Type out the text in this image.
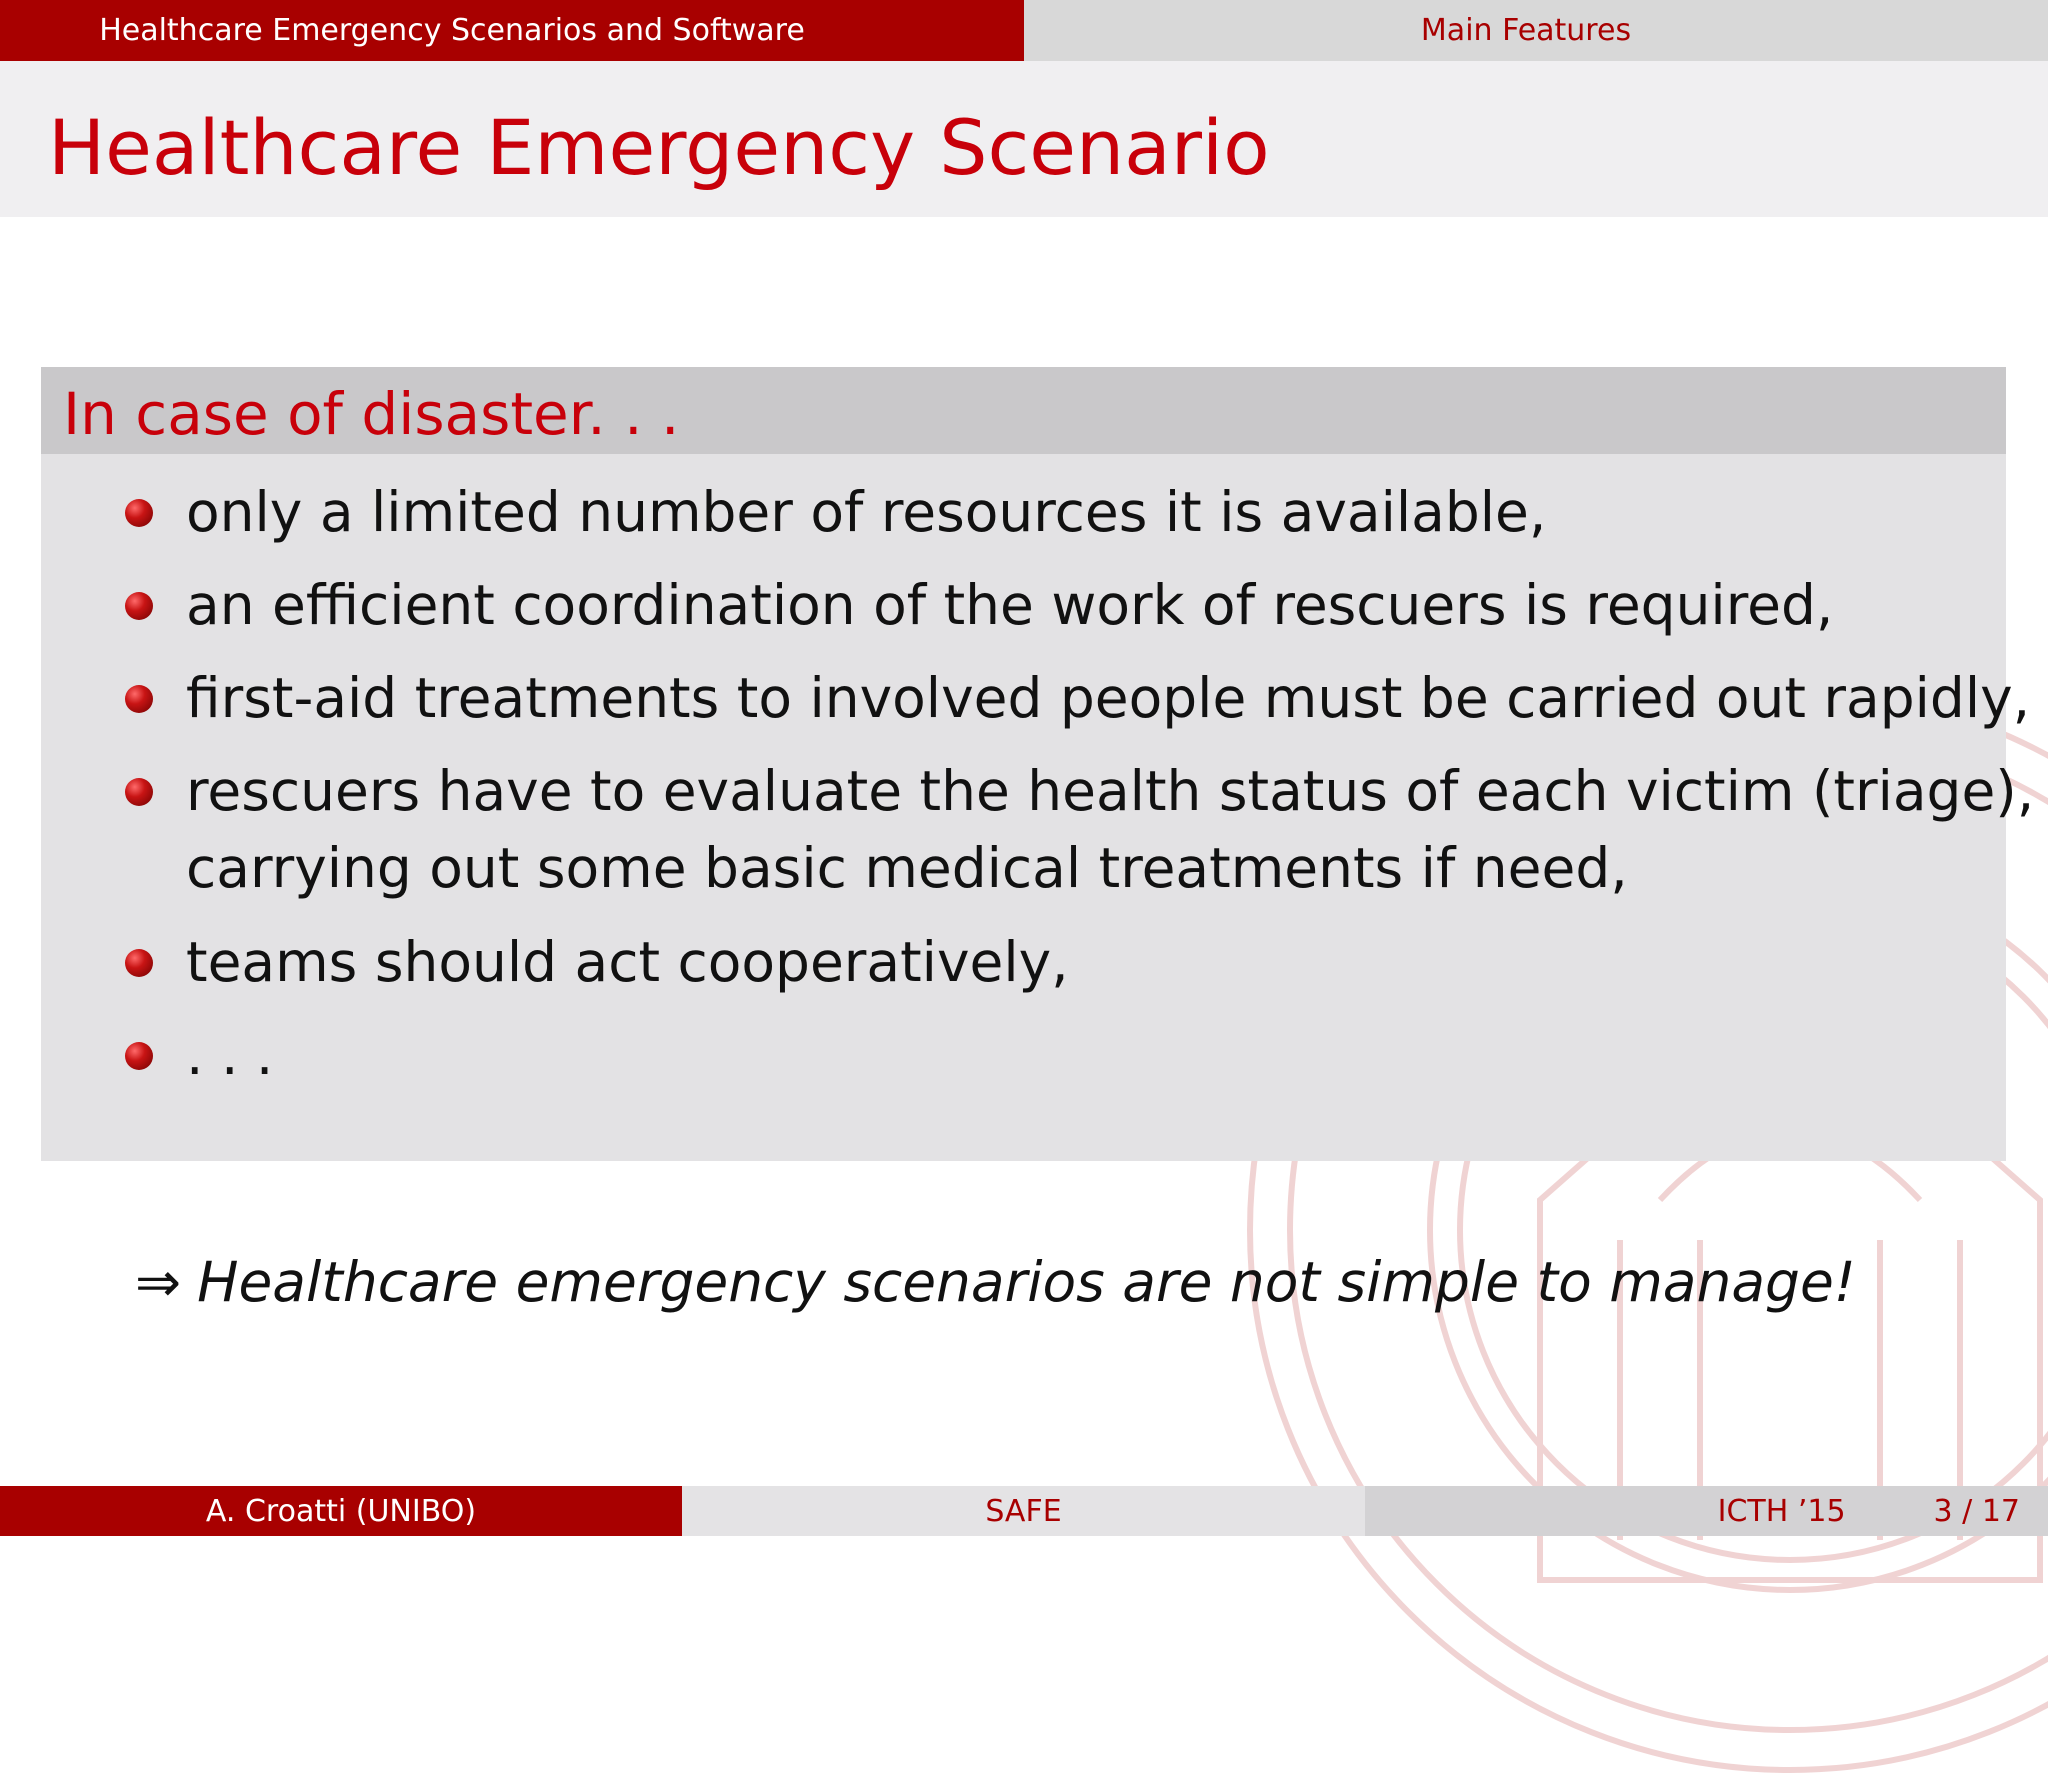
Healthcare Emergency Scenarios and Software	Main Features
Healthcare Emergency Scenario
In case of disaster. . .
only a limited number of resources it is available,
an efficient coordination of the work of rescuers is required,
first-aid treatments to involved people must be carried out rapidly,
rescuers have to evaluate the health status of each victim (triage),
carrying out some basic medical treatments if need,
teams should act cooperatively,
. . .
⇒ Healthcare emergency scenarios are not simple to manage!
A. Croatti (UNIBO)	SAFE	ICTH ’15	3 / 17
